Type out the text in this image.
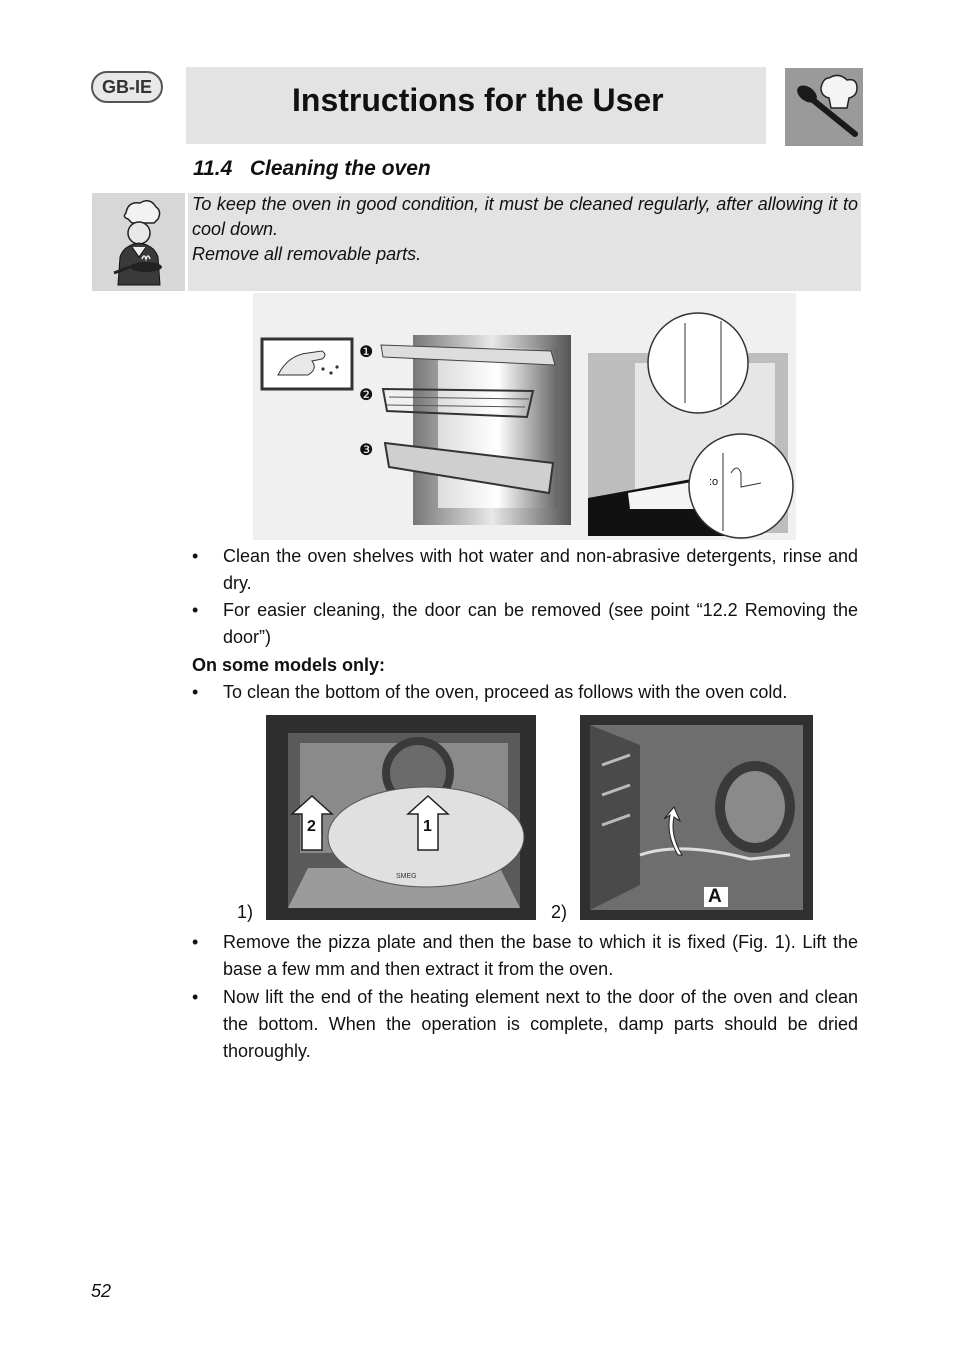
GB-IE	Instructions for the User
11.4 Cleaning the oven

To keep the oven in good condition, it must be cleaned regularly, after allowing it to cool down.

Remove all removable parts.

❶
❷
❸
:o
• Clean the oven shelves with hot water and non-abrasive detergents, rinse and dry.
• For easier cleaning, the door can be removed (see point “12.2 Removing the door”)
On some models only:
• To clean the bottom of the oven, proceed as follows with the oven cold.
1)
2	1
SMEG
2)
A
• Remove the pizza plate and then the base to which it is fixed (Fig. 1). Lift the base a few mm and then extract it from the oven.
• Now lift the end of the heating element next to the door of the oven and clean the bottom. When the operation is complete, damp parts should be dried thoroughly.
52
